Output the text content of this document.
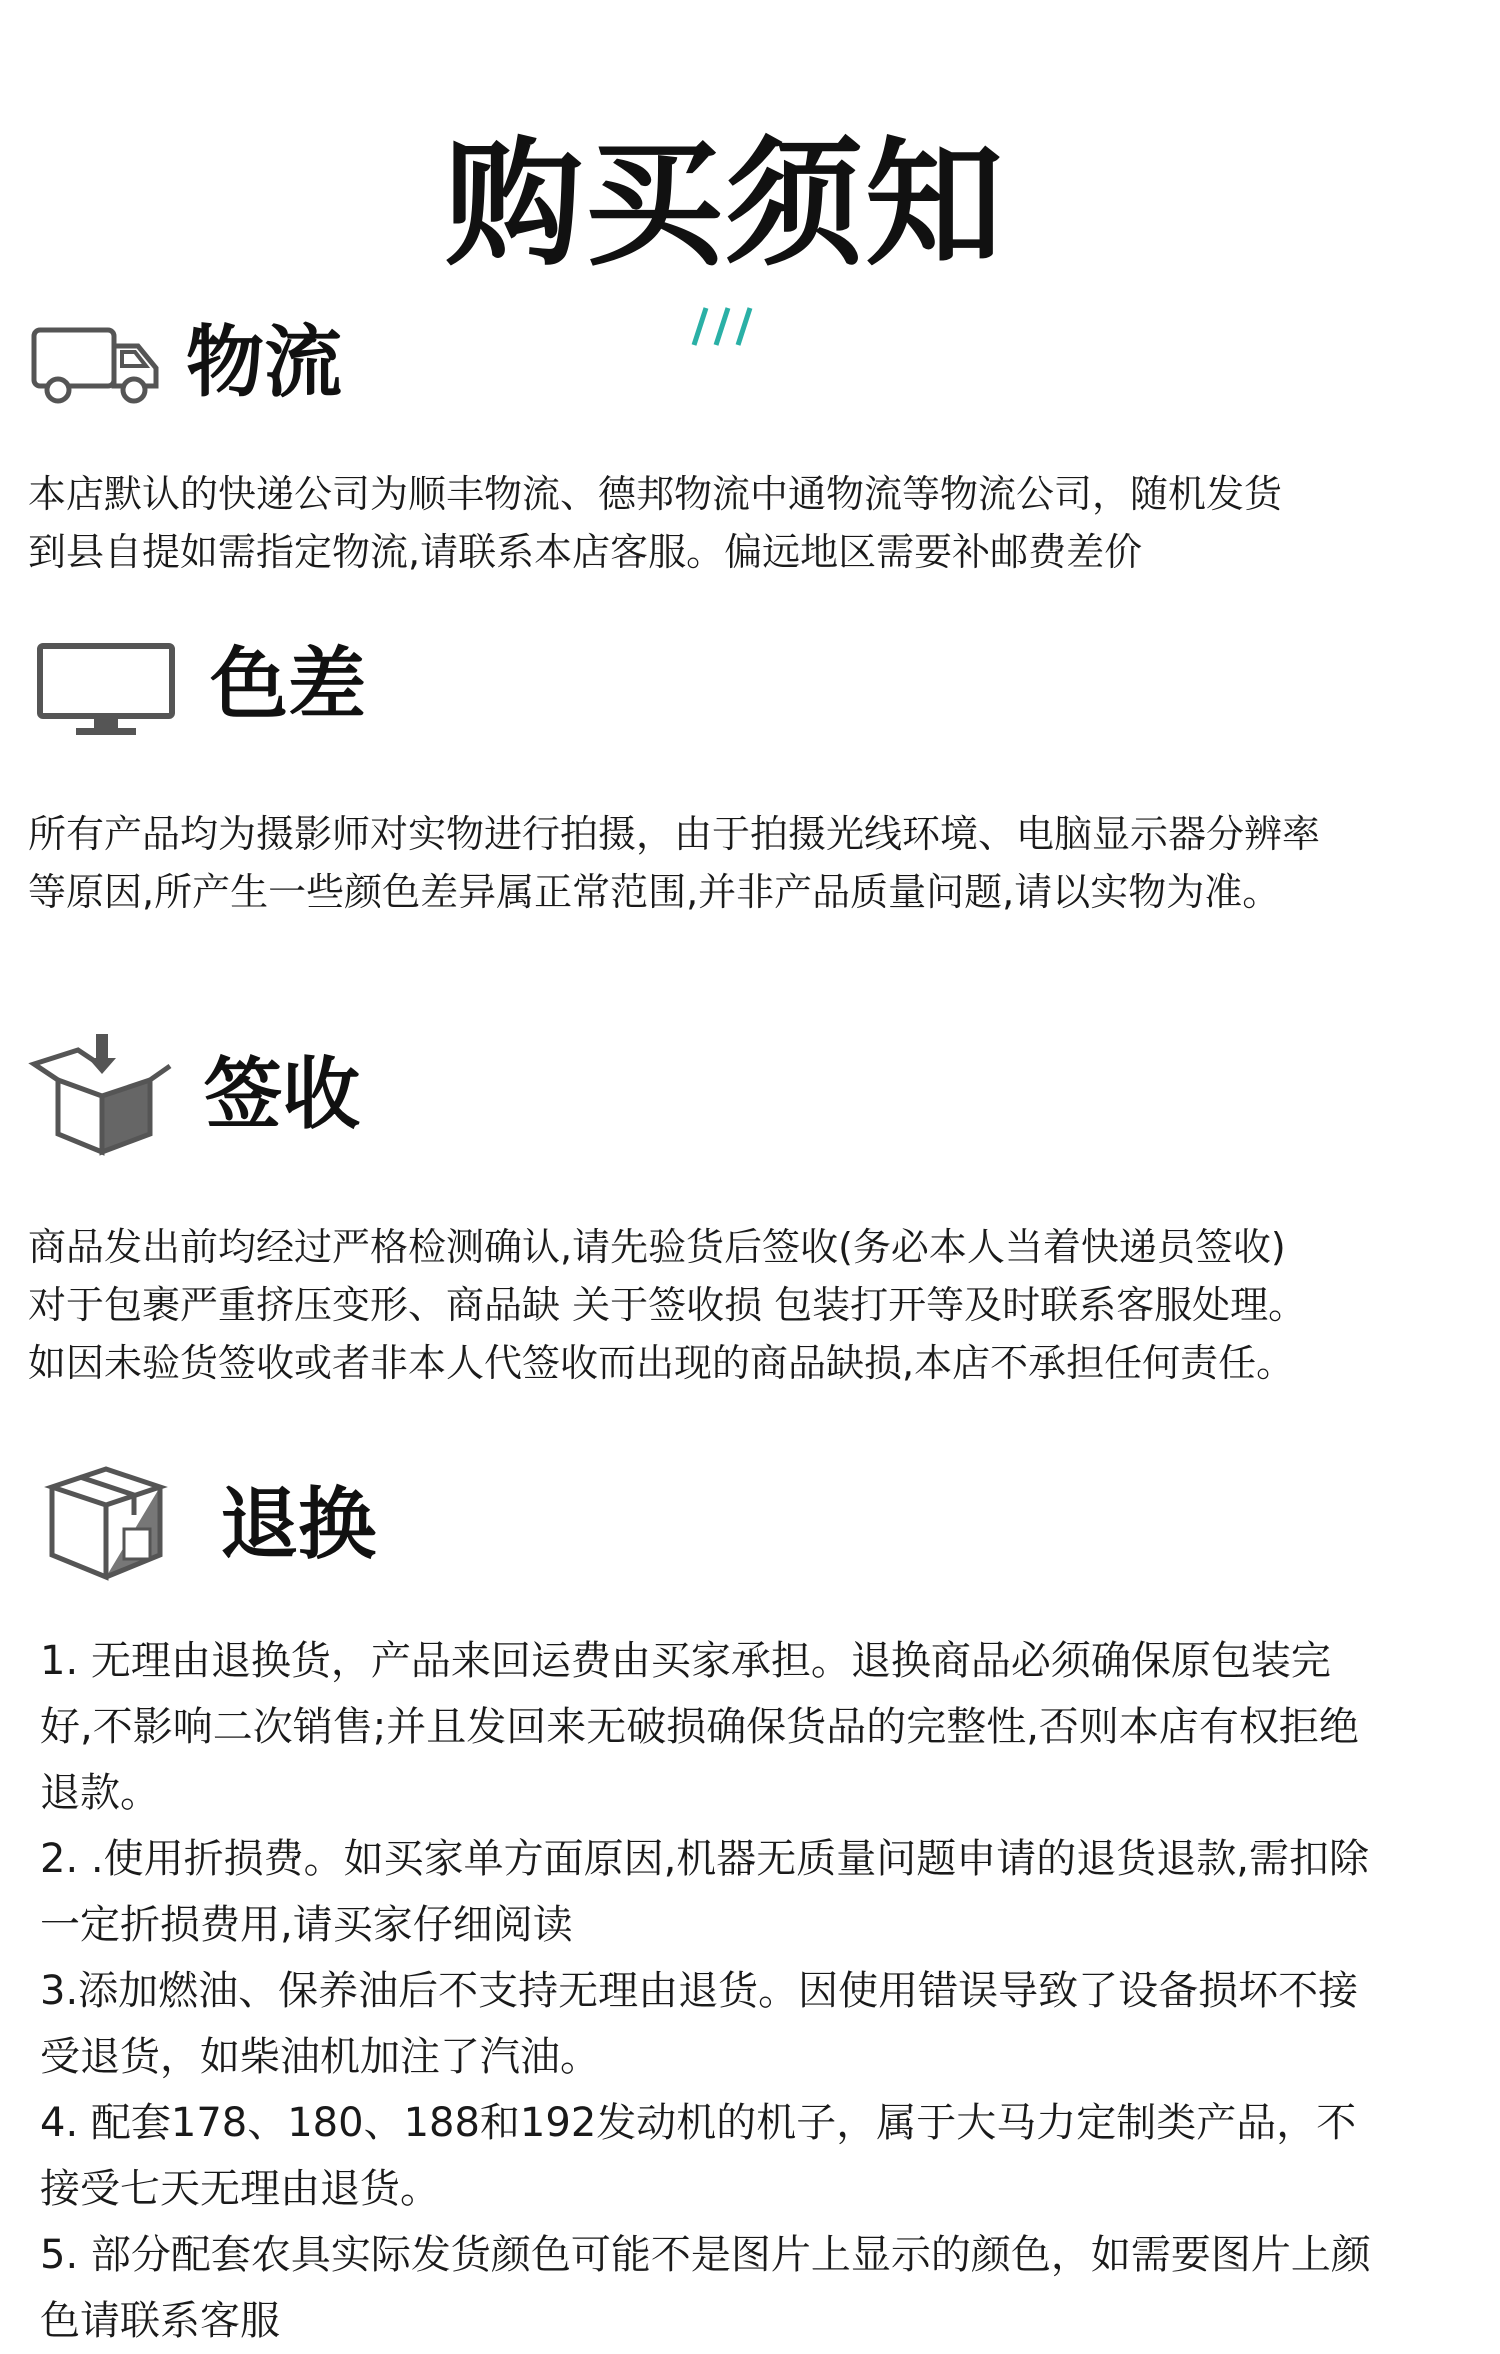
购买须知
物流
本店默认的快递公司为顺丰物流、德邦物流中通物流等物流公司，随机发货
到县自提如需指定物流,请联系本店客服。偏远地区需要补邮费差价
色差
所有产品均为摄影师对实物进行拍摄，由于拍摄光线环境、电脑显示器分辨率
等原因,所产生一些颜色差异属正常范围,并非产品质量问题,请以实物为准。
签收
商品发出前均经过严格检测确认,请先验货后签收(务必本人当着快递员签收)
对于包裹严重挤压变形、商品缺 关于签收损 包装打开等及时联系客服处理。
如因未验货签收或者非本人代签收而出现的商品缺损,本店不承担任何责任。
退换
1. 无理由退换货，产品来回运费由买家承担。退换商品必须确保原包装完
好,不影响二次销售;并且发回来无破损确保货品的完整性,否则本店有权拒绝
退款。
2. .使用折损费。如买家单方面原因,机器无质量问题申请的退货退款,需扣除
一定折损费用,请买家仔细阅读
3.添加燃油、保养油后不支持无理由退货。因使用错误导致了设备损坏不接
受退货，如柴油机加注了汽油。
4. 配套178、180、188和192发动机的机子，属于大马力定制类产品，不
接受七天无理由退货。
5. 部分配套农具实际发货颜色可能不是图片上显示的颜色，如需要图片上颜
色请联系客服
